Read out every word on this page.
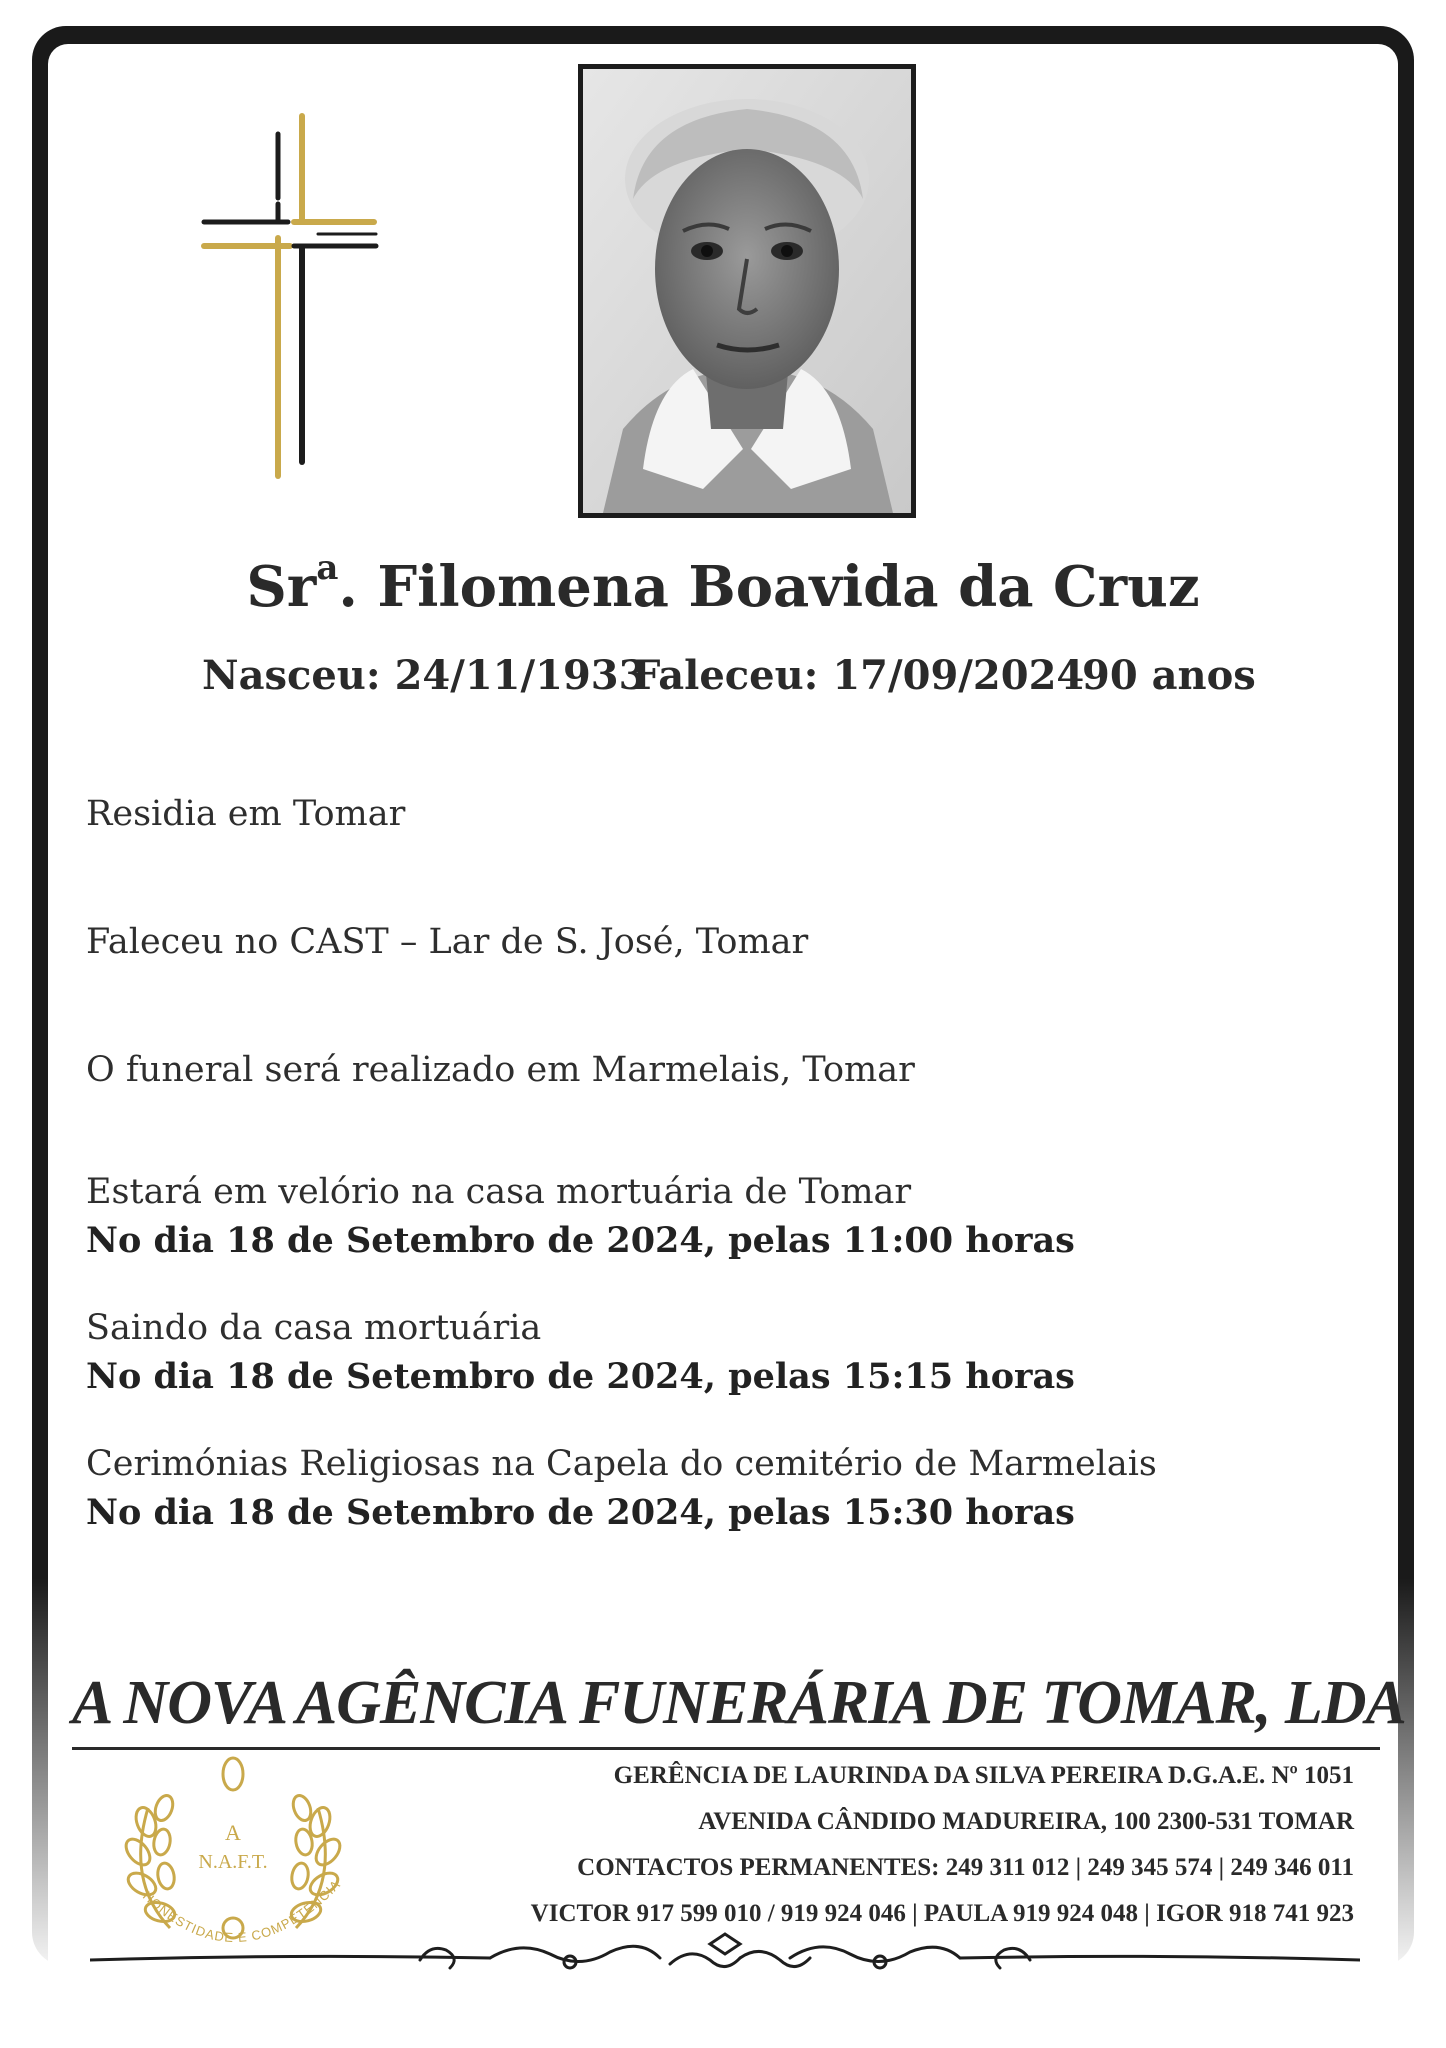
Sr$^a$. Filomena Boavida da Cruz
Nasceu: 24/11/1933
Faleceu: 17/09/2024
90 anos
Residia em Tomar
Faleceu no CAST – Lar de S. José, Tomar
O funeral será realizado em Marmelais, Tomar
Estará em velório na casa mortuária de Tomar
No dia 18 de Setembro de 2024, pelas 11:00 horas
Saindo da casa mortuária
No dia 18 de Setembro de 2024, pelas 15:15 horas
Cerimónias Religiosas na Capela do cemitério de Marmelais
No dia 18 de Setembro de 2024, pelas 15:30 horas
A NOVA AGÊNCIA FUNERÁRIA DE TOMAR, LDA
GERÊNCIA DE LAURINDA DA SILVA PEREIRA D.G.A.E. Nº 1051
AVENIDA CÂNDIDO MADUREIRA, 100 2300-531 TOMAR
CONTACTOS PERMANENTES: 249 311 012 | 249 345 574 | 249 346 011
VICTOR 917 599 010 / 919 924 046 | PAULA 919 924 048 | IGOR 918 741 923
A
N.A.F.T.
HONESTIDADE E COMPETÊNCIA
